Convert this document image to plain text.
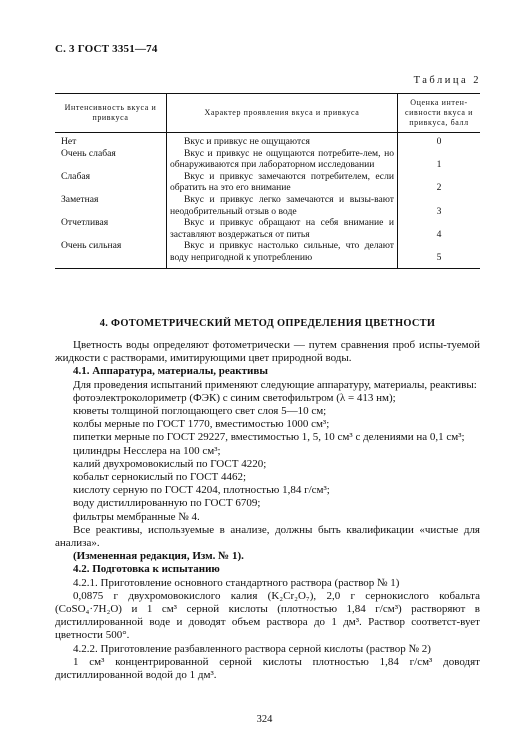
С. 3 ГОСТ 3351—74
Таблица 2
Интенсивность вкуса и привкуса	Характер проявления вкуса и привкуса	Оценка интен-сивности вкуса и привкуса, балл
Нет	Вкус и привкус не ощущаются	0
Очень слабая	Вкус и привкус не ощущаются потребите-лем, но обнаруживаются при лабораторном исследовании	1
Слабая	Вкус и привкус замечаются потребителем, если обратить на это его внимание	2
Заметная	Вкус и привкус легко замечаются и вызы-вают неодобрительный отзыв о воде	3
Отчетливая	Вкус и привкус обращают на себя внимание и заставляют воздержаться от питья	4
Очень сильная	Вкус и привкус настолько сильные, что делают воду непригодной к употреблению	5
4. ФОТОМЕТРИЧЕСКИЙ МЕТОД ОПРЕДЕЛЕНИЯ ЦВЕТНОСТИ

Цветность воды определяют фотометрически — путем сравнения проб испы-туемой жидкости с растворами, имитирующими цвет природной воды.

4.1. Аппаратура, материалы, реактивы

Для проведения испытаний применяют следующие аппаратуру, материалы, реактивы:

фотоэлектроколориметр (ФЭК) с синим светофильтром (λ = 413 нм);

кюветы толщиной поглощающего свет слоя 5—10 см;

колбы мерные по ГОСТ 1770, вместимостью 1000 см³;

пипетки мерные по ГОСТ 29227, вместимостью 1, 5, 10 см³ с делениями на 0,1 см³;

цилиндры Несслера на 100 см³;

калий двухромовокислый по ГОСТ 4220;

кобальт сернокислый по ГОСТ 4462;

кислоту серную по ГОСТ 4204, плотностью 1,84 г/см³;

воду дистиллированную по ГОСТ 6709;

фильтры мембранные № 4.

Все реактивы, используемые в анализе, должны быть квалификации «чистые для анализа».

(Измененная редакция, Изм. № 1).

4.2. Подготовка к испытанию

4.2.1. Приготовление основного стандартного раствора (раствор № 1)

0,0875 г двухромовокислого калия (K₂Cr₂O₇), 2,0 г сернокислого кобальта (CoSO₄·7H₂O) и 1 см³ серной кислоты (плотностью 1,84 г/см³) растворяют в дистиллированной воде и доводят объем раствора до 1 дм³. Раствор соответст-вует цветности 500°.

4.2.2. Приготовление разбавленного раствора серной кислоты (раствор № 2)

1 см³ концентрированной серной кислоты плотностью 1,84 г/см³ доводят дистиллированной водой до 1 дм³.

324
